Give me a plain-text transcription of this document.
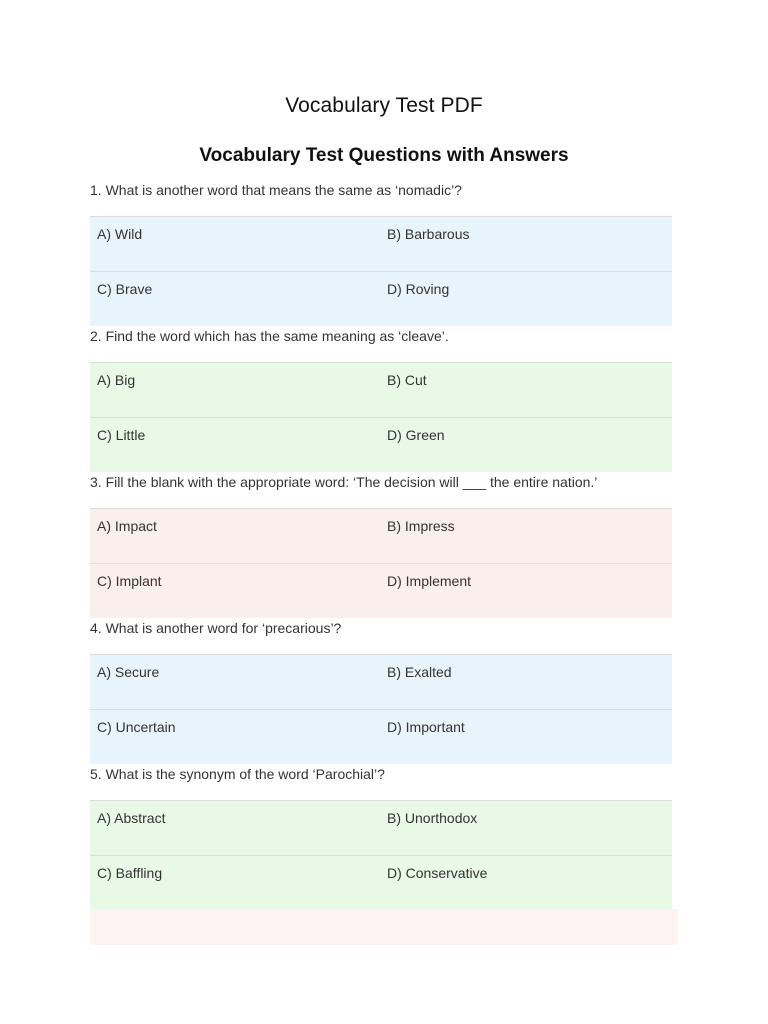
Vocabulary Test PDF
Vocabulary Test Questions with Answers
1. What is another word that means the same as ‘nomadic’?
A) Wild	B) Barbarous
C) Brave	D) Roving
2. Find the word which has the same meaning as ‘cleave’.
A) Big	B) Cut
C) Little	D) Green
3. Fill the blank with the appropriate word: ‘The decision will ___ the entire nation.’
A) Impact	B) Impress
C) Implant	D) Implement
4. What is another word for ‘precarious’?
A) Secure	B) Exalted
C) Uncertain	D) Important
5. What is the synonym of the word ‘Parochial’?
A) Abstract	B) Unorthodox
C) Baffling	D) Conservative
